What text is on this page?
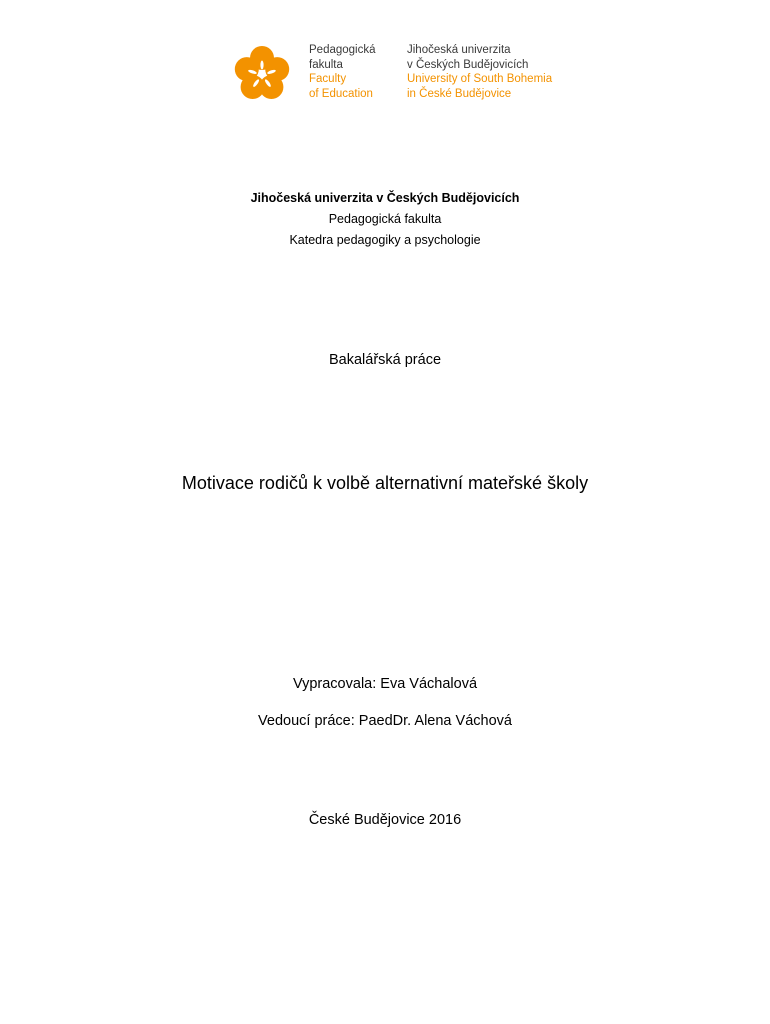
Pedagogická
fakulta
Faculty
of Education
Jihočeská univerzita
v Českých Budějovicích
University of South Bohemia
in České Budějovice
Jihočeská univerzita v Českých Budějovicích
Pedagogická fakulta
Katedra pedagogiky a psychologie
Bakalářská práce
Motivace rodičů k volbě alternativní mateřské školy
Vypracovala: Eva Váchalová
Vedoucí práce: PaedDr. Alena Váchová
České Budějovice 2016
